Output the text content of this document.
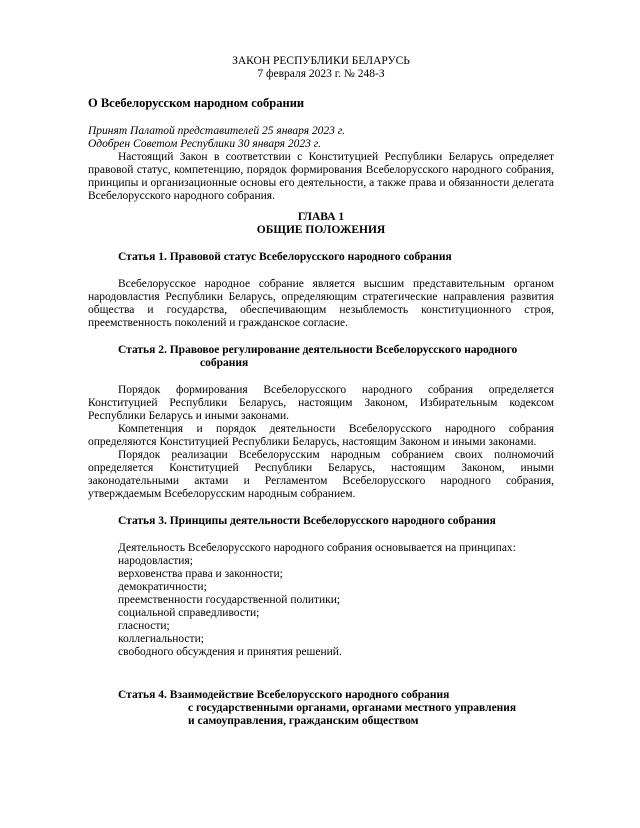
ЗАКОН РЕСПУБЛИКИ БЕЛАРУСЬ
7 февраля 2023 г. № 248-З
О Всебелорусском народном собрании
Принят Палатой представителей 25 января 2023 г.
Одобрен Советом Республики 30 января 2023 г.

Настоящий Закон в соответствии с Конституцией Республики Беларусь определяет правовой статус, компетенцию, порядок формирования Всебелорусского народного собрания, принципы и организационные основы его деятельности, а также права и обязанности делегата Всебелорусского народного собрания.

ГЛАВА 1
ОБЩИЕ ПОЛОЖЕНИЯ

Статья 1. Правовой статус Всебелорусского народного собрания

Всебелорусское народное собрание является высшим представительным органом народовластия Республики Беларусь, определяющим стратегические направления развития общества и государства, обеспечивающим незыблемость конституционного строя, преемственность поколений и гражданское согласие.

Статья 2. Правовое регулирование деятельности Всебелорусского народного
собрания

Порядок формирования Всебелорусского народного собрания определяется Конституцией Республики Беларусь, настоящим Законом, Избирательным кодексом Республики Беларусь и иными законами.

Компетенция и порядок деятельности Всебелорусского народного собрания определяются Конституцией Республики Беларусь, настоящим Законом и иными законами.

Порядок реализации Всебелорусским народным собранием своих полномочий определяется Конституцией Республики Беларусь, настоящим Законом, иными законодательными актами и Регламентом Всебелорусского народного собрания, утверждаемым Всебелорусским народным собранием.

Статья 3. Принципы деятельности Всебелорусского народного собрания

Деятельность Всебелорусского народного собрания основывается на принципах:

народовластия;
верховенства права и законности;
демократичности;
преемственности государственной политики;
социальной справедливости;
гласности;
коллегиальности;
свободного обсуждения и принятия решений.
Статья 4. Взаимодействие Всебелорусского народного собрания
с государственными органами, органами местного управления
и самоуправления, гражданским обществом
